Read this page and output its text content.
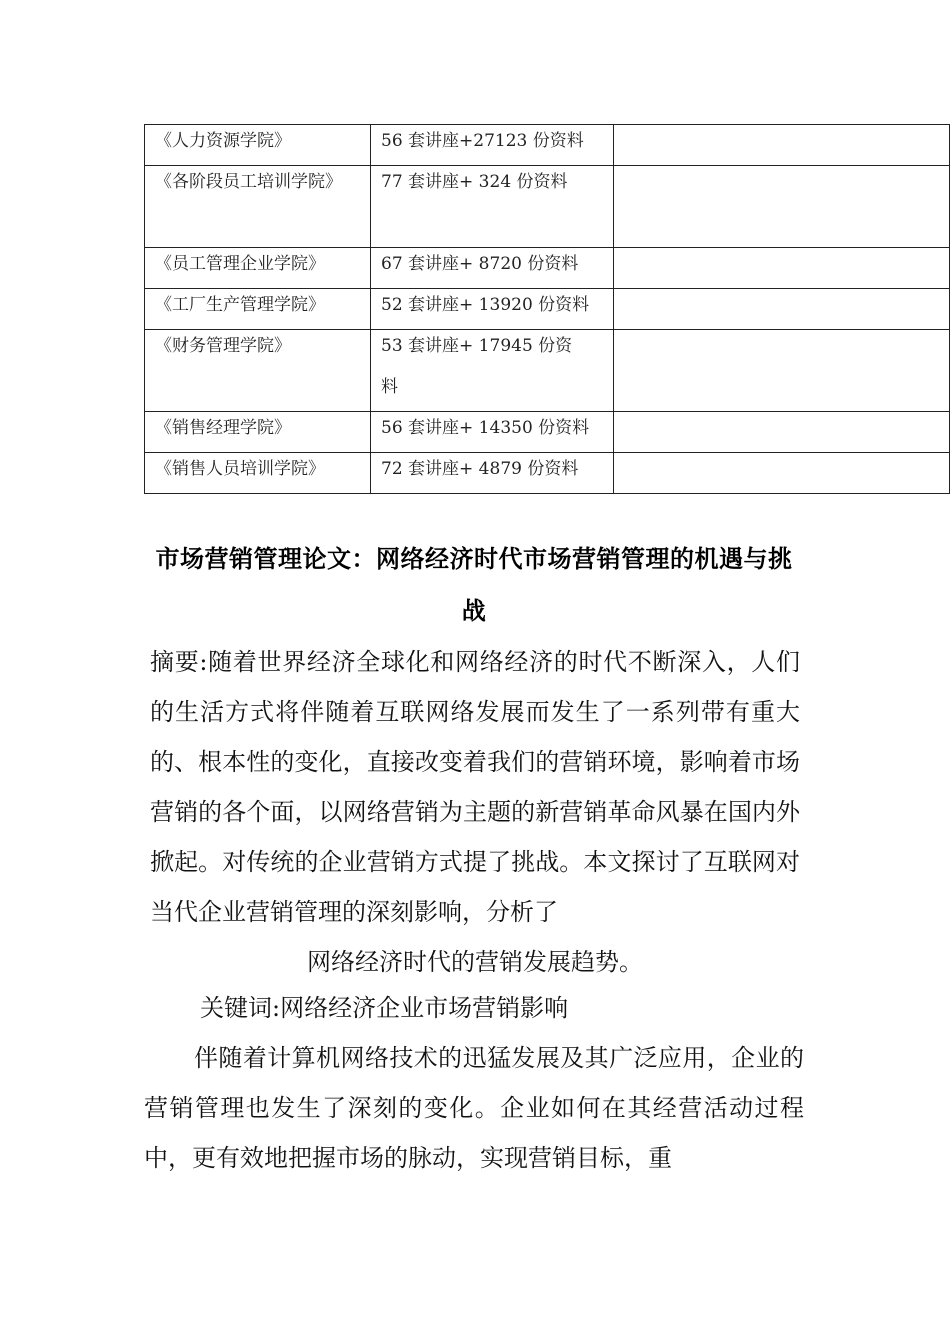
《人力资源学院》	56 套讲座+27123 份资料	

《各阶段员工培训学院》	77 套讲座+ 324 份资料	

《员工管理企业学院》	67 套讲座+ 8720 份资料	

《工厂生产管理学院》	52 套讲座+ 13920 份资料	

《财务管理学院》	53 套讲座+ 17945 份资料	

《销售经理学院》	56 套讲座+ 14350 份资料	

《销售人员培训学院》	72 套讲座+ 4879 份资料	

市场营销管理论文：网络经济时代市场营销管理的机遇与挑战
摘要:随着世界经济全球化和网络经济的时代不断深入，人们的生活方式将伴随着互联网络发展而发生了一系列带有重大的、根本性的变化，直接改变着我们的营销环境，影响着市场营销的各个面，以网络营销为主题的新营销革命风暴在国内外掀起。对传统的企业营销方式提了挑战。本文探讨了互联网对当代企业营销管理的深刻影响，分析了
网络经济时代的营销发展趋势。
关键词:网络经济企业市场营销影响
伴随着计算机网络技术的迅猛发展及其广泛应用，企业的营销管理也发生了深刻的变化。企业如何在其经营活动过程中，更有效地把握市场的脉动，实现营销目标，重
